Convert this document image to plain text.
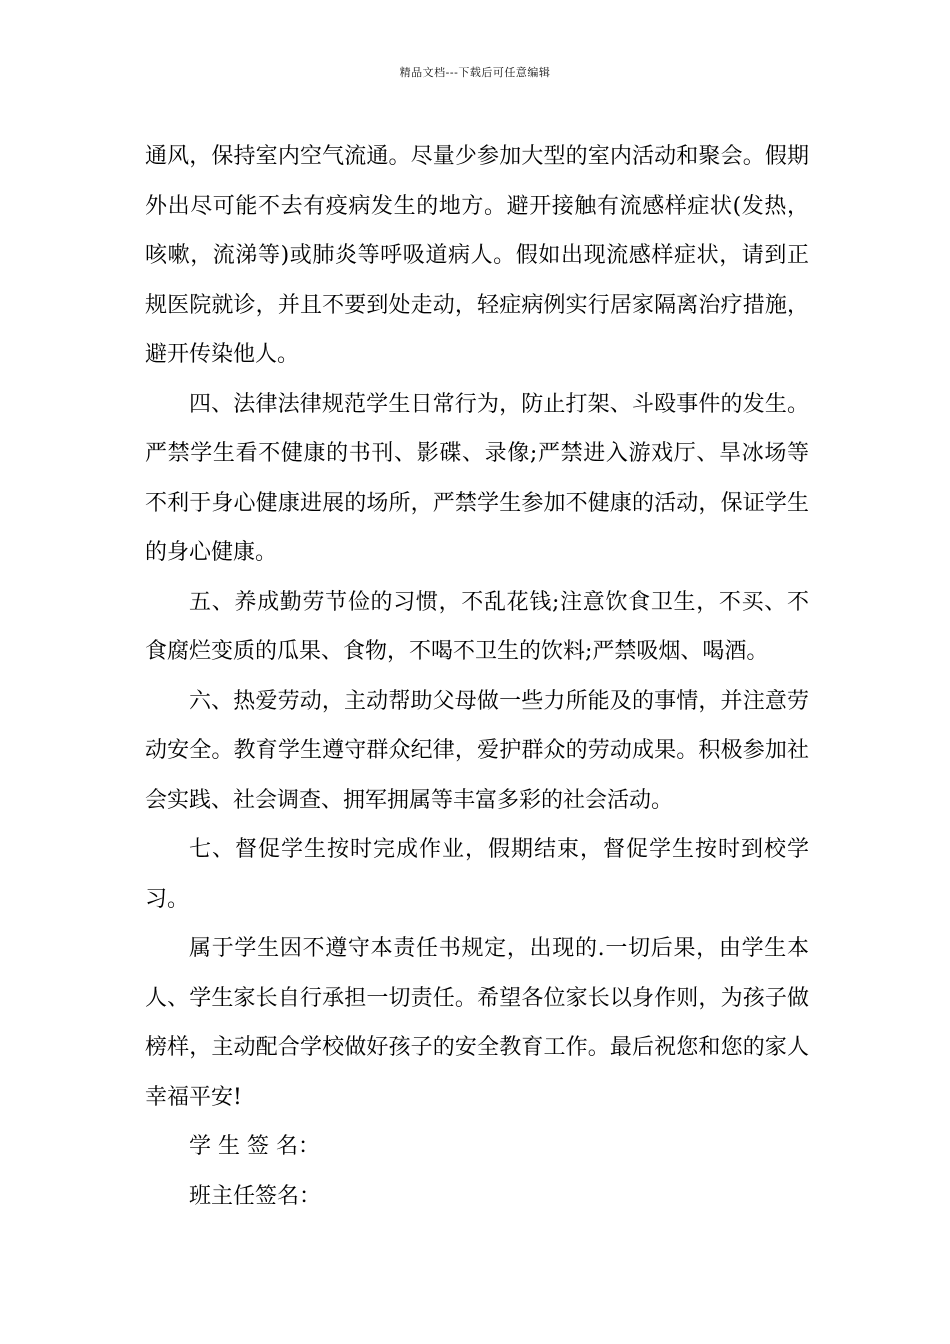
精品文档---下载后可任意编辑

通风，保持室内空气流通。尽量少参加大型的室内活动和聚会。假期外出尽可能不去有疫病发生的地方。避开接触有流感样症状(发热，咳嗽，流涕等)或肺炎等呼吸道病人。假如出现流感样症状，请到正规医院就诊，并且不要到处走动，轻症病例实行居家隔离治疗措施，避开传染他人。

四、法律法律规范学生日常行为，防止打架、斗殴事件的发生。严禁学生看不健康的书刊、影碟、录像;严禁进入游戏厅、旱冰场等不利于身心健康进展的场所，严禁学生参加不健康的活动，保证学生的身心健康。

五、养成勤劳节俭的习惯，不乱花钱;注意饮食卫生，不买、不食腐烂变质的瓜果、食物，不喝不卫生的饮料;严禁吸烟、喝酒。

六、热爱劳动，主动帮助父母做一些力所能及的事情，并注意劳动安全。教育学生遵守群众纪律，爱护群众的劳动成果。积极参加社会实践、社会调查、拥军拥属等丰富多彩的社会活动。

七、督促学生按时完成作业，假期结束，督促学生按时到校学习。

属于学生因不遵守本责任书规定，出现的.一切后果，由学生本人、学生家长自行承担一切责任。希望各位家长以身作则，为孩子做榜样，主动配合学校做好孩子的安全教育工作。最后祝您和您的家人幸福平安!

学 生 签 名：

班主任签名：
